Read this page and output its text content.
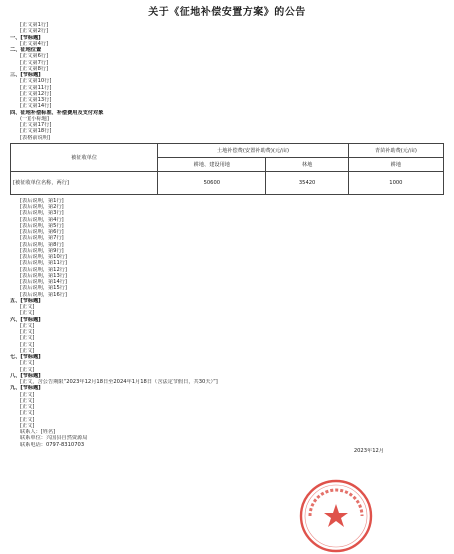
关于《征地补偿安置方案》的公告
[正文第1行]
[正文第2行]
一、[节标题]
[正文第4行]
二、征地位置
[正文第6行]
[正文第7行]
[正文第8行]
三、[节标题]
[正文第10行]
[正文第11行]
[正文第12行]
[正文第13行]
[正文第14行]
四、征地补偿标准、补偿费用及支付对象
(一)[小标题]
[正文第17行]
[正文第18行]
[表格前说明]
被征收单位	土地补偿费(安置补助费)(元/亩)		青苗补助费(元/亩)
	耕地、建设用地	林地	耕地
[被征收单位名称，两行]	50600	35420	1000
[表后说明，第1行]
[表后说明，第2行]
[表后说明，第3行]
[表后说明，第4行]
[表后说明，第5行]
[表后说明，第6行]
[表后说明，第7行]
[表后说明，第8行]
[表后说明，第9行]
[表后说明，第10行]
[表后说明，第11行]
[表后说明，第12行]
[表后说明，第13行]
[表后说明，第14行]
[表后说明，第15行]
[表后说明，第16行]
五、[节标题]
[正文]
[正文]
六、[节标题]
[正文]
[正文]
[正文]
[正文]
[正文]
七、[节标题]
[正文]
[正文]
八、[节标题]
[正文，含公告期限“2023年12月18日至2024年1月18日（含法定节假日，共30天）”]
九、[节标题]
[正文]
[正文]
[正文]
[正文]
[正文]
[正文]
联系人：[姓名]
联系单位：兴国县自然资源局
联系电话：0797-8310703
2023年12月
